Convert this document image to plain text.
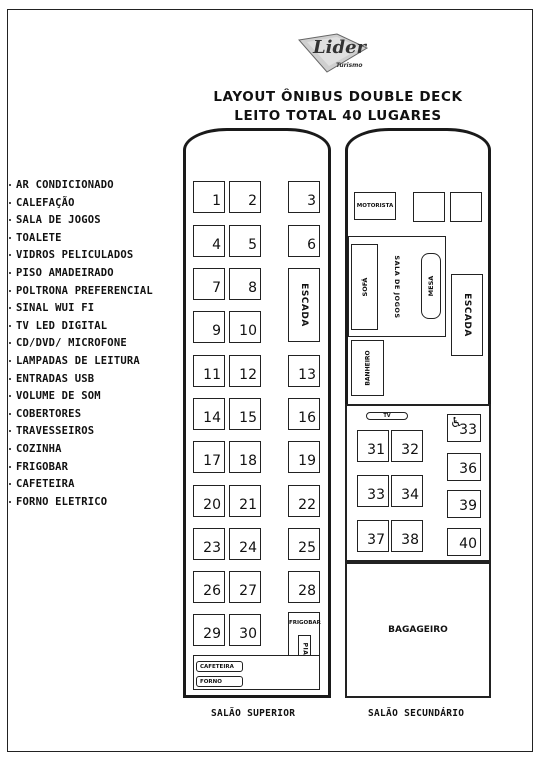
Lider
Turismo
LAYOUT ÔNIBUS DOUBLE DECK
LEITO TOTAL 40 LUGARES
AR CONDICIONADO
CALEFAÇÃO
SALA DE JOGOS
TOALETE
VIDROS PELICULADOS
PISO AMADEIRADO
POLTRONA PREFERENCIAL
SINAL WUI FI
TV LED DIGITAL
CD/DVD/ MICROFONE
LAMPADAS DE LEITURA
ENTRADAS USB
VOLUME DE SOM
COBERTORES
TRAVESSEIROS
COZINHA
FRIGOBAR
CAFETEIRA
FORNO ELETRICO
1 2	3
4 5	6
7 8
9 10
11 12	13
14 15	16
17 18	19
20 21	22
23 24	25
26 27	28
29 30
ESCADA
FRIGOBAR
PIA
CAFETEIRA
FORNO
SALÃO SUPERIOR
MOTORISTA
SALA DE JOGOS
SOFÁ	MESA
ESCADA
BANHEIRO
TV
31 32
♿
33
34
36
37 38
39
40
33
BAGAGEIRO
SALÃO SECUNDÁRIO
